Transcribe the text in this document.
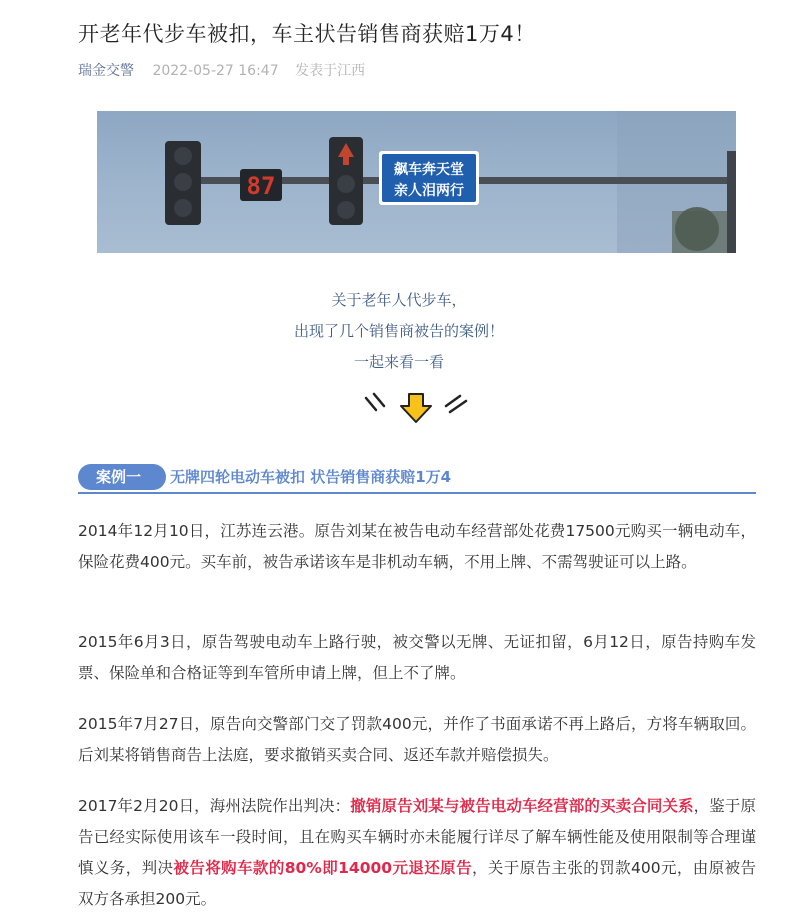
开老年代步车被扣，车主状告销售商获赔1万4！
瑞金交警 2022-05-27 16:47 发表于江西
87
飙车奔天堂
亲人泪两行
关于老年人代步车，
出现了几个销售商被告的案例！
一起来看一看
案例一	无牌四轮电动车被扣 状告销售商获赔1万4

2014年12月10日，江苏连云港。原告刘某在被告电动车经营部处花费17500元购买一辆电动车，保险花费400元。买车前，被告承诺该车是非机动车辆，不用上牌、不需驾驶证可以上路。

2015年6月3日，原告驾驶电动车上路行驶，被交警以无牌、无证扣留，6月12日，原告持购车发票、保险单和合格证等到车管所申请上牌，但上不了牌。

2015年7月27日，原告向交警部门交了罚款400元，并作了书面承诺不再上路后，方将车辆取回。后刘某将销售商告上法庭，要求撤销买卖合同、返还车款并赔偿损失。

2017年2月20日，海州法院作出判决：撤销原告刘某与被告电动车经营部的买卖合同关系，鉴于原告已经实际使用该车一段时间，且在购买车辆时亦未能履行详尽了解车辆性能及使用限制等合理谨慎义务，判决被告将购车款的80%即14000元退还原告，关于原告主张的罚款400元，由原被告双方各承担200元。
